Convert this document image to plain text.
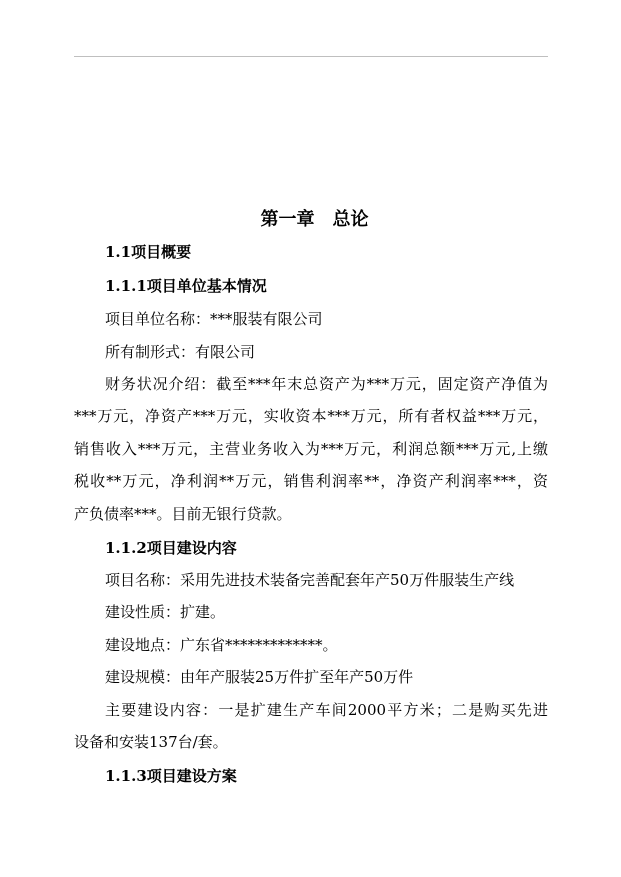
第一章　总论
1.1项目概要
1.1.1项目单位基本情况
项目单位名称：***服装有限公司
所有制形式：有限公司
财务状况介绍：截至***年末总资产为***万元，固定资产净值为
***万元，净资产***万元，实收资本***万元，所有者权益***万元，
销售收入***万元，主营业务收入为***万元，利润总额***万元,上缴
税收**万元，净利润**万元，销售利润率**，净资产利润率***，资
产负债率***。目前无银行贷款。
1.1.2项目建设内容
项目名称：采用先进技术装备完善配套年产50万件服装生产线
建设性质：扩建。
建设地点：广东省*************。
建设规模：由年产服装25万件扩至年产50万件
主要建设内容：一是扩建生产车间2000平方米；二是购买先进
设备和安装137台/套。
1.1.3项目建设方案
